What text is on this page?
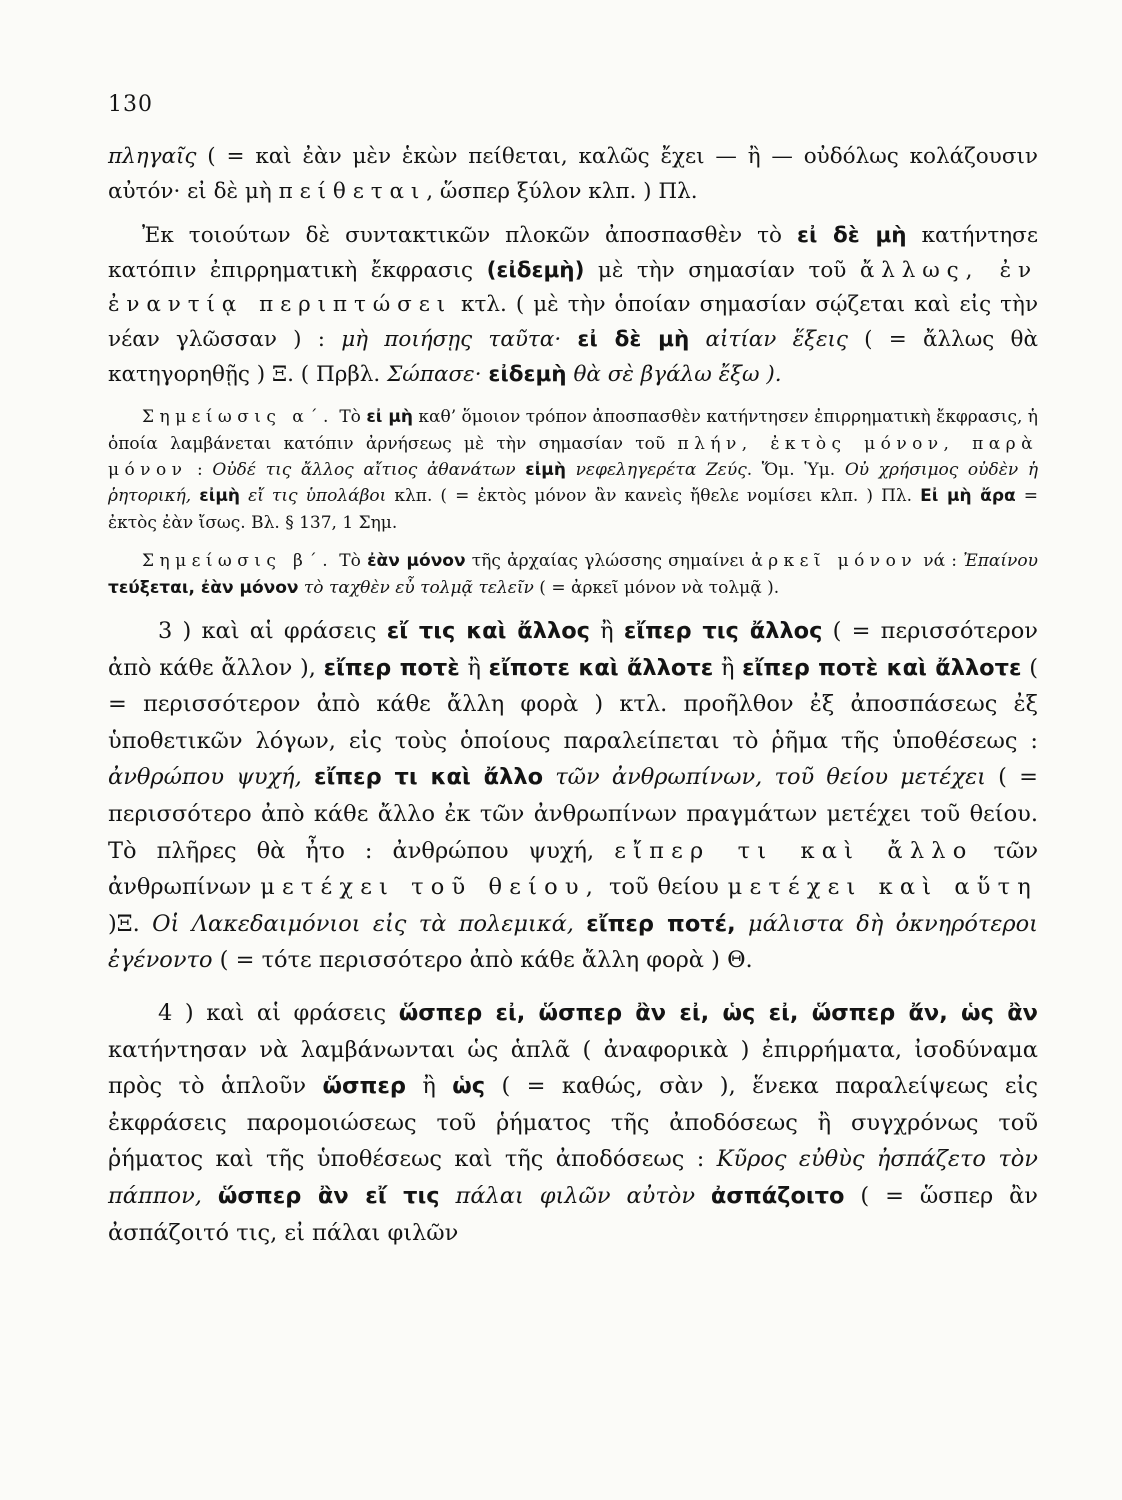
130

πληγαῖς ( = καὶ ἐὰν μὲν ἑκὼν πείθεται, καλῶς ἔχει — ἢ — οὐδόλως κολάζουσιν αὐτόν· εἰ δὲ μὴ πείθεται, ὥσπερ ξύλον κλπ. ) Πλ.

Ἐκ τοιούτων δὲ συντακτικῶν πλοκῶν ἀποσπασθὲν τὸ εἰ δὲ μὴ κατήντησε κατόπιν ἐπιρρηματικὴ ἔκφρασις (εἰδεμὴ) μὲ τὴν σημασίαν τοῦ ἄλλως, ἐν ἐναντίᾳ περιπτώσει κτλ. ( μὲ τὴν ὁποίαν σημασίαν σῴζεται καὶ εἰς τὴν νέαν γλῶσσαν ) : μὴ ποιήσῃς ταῦτα· εἰ δὲ μὴ αἰτίαν ἕξεις ( = ἄλλως θὰ κατηγορηθῇς ) Ξ. ( Πρβλ. Σώπασε· εἰδεμὴ θὰ σὲ βγάλω ἔξω ).

Σημείωσις α΄. Τὸ εἰ μὴ καθ’ ὅμοιον τρόπον ἀποσπασθὲν κατήντησεν ἐπιρρηματικὴ ἔκφρασις, ἡ ὁποία λαμβάνεται κατόπιν ἀρνήσεως μὲ τὴν σημασίαν τοῦ πλήν, ἐκτὸς μόνον, παρὰ μόνον : Οὐδέ τις ἄλλος αἴτιος ἀθανάτων εἰμὴ νεφεληγερέτα Ζεύς. Ὅμ. Ὑμ. Οὐ χρήσιμος οὐδὲν ἡ ῥητορική, εἰμὴ εἴ τις ὑπολάβοι κλπ. ( = ἐκτὸς μόνον ἂν κανεὶς ἤθελε νομίσει κλπ. ) Πλ. Εἰ μὴ ἄρα = ἐκτὸς ἐὰν ἴσως. Βλ. § 137, 1 Σημ.

Σημείωσις β΄. Τὸ ἐὰν μόνον τῆς ἀρχαίας γλώσσης σημαίνει ἀρκεῖ μόνον νά : Ἐπαίνου τεύξεται, ἐὰν μόνον τὸ ταχθὲν εὖ τολμᾷ τελεῖν ( = ἀρκεῖ μόνον νὰ τολμᾷ ).

3 ) καὶ αἱ φράσεις εἴ τις καὶ ἄλλος ἢ εἴπερ τις ἄλλος ( = περισσότερον ἀπὸ κάθε ἄλλον ), εἴπερ ποτὲ ἢ εἴποτε καὶ ἄλλοτε ἢ εἴπερ ποτὲ καὶ ἄλλοτε ( = περισσότερον ἀπὸ κάθε ἄλλη φορὰ ) κτλ. προῆλθον ἐξ ἀποσπάσεως ἐξ ὑποθετικῶν λόγων, εἰς τοὺς ὁποίους παραλείπεται τὸ ῥῆμα τῆς ὑποθέσεως : ἀνθρώπου ψυχή, εἴπερ τι καὶ ἄλλο τῶν ἀνθρωπίνων, τοῦ θείου μετέχει ( = περισσότερο ἀπὸ κάθε ἄλλο ἐκ τῶν ἀνθρωπίνων πραγμάτων μετέχει τοῦ θείου. Τὸ πλῆρες θὰ ἦτο : ἀνθρώπου ψυχή, εἴπερ τι καὶ ἄλλο τῶν ἀνθρωπίνων μετέχει τοῦ θείου, τοῦ θείου μετέχει καὶ αὕτη )Ξ. Οἱ Λακεδαιμόνιοι εἰς τὰ πολεμικά, εἴπερ ποτέ, μάλιστα δὴ ὀκνηρότεροι ἐγένοντο ( = τότε περισσότερο ἀπὸ κάθε ἄλλη φορὰ ) Θ.

4 ) καὶ αἱ φράσεις ὥσπερ εἰ, ὥσπερ ἂν εἰ, ὡς εἰ, ὥσπερ ἄν, ὡς ἂν κατήντησαν νὰ λαμβάνωνται ὡς ἁπλᾶ ( ἀναφορικὰ ) ἐπιρρήματα, ἰσοδύναμα πρὸς τὸ ἁπλοῦν ὥσπερ ἢ ὡς ( = καθώς, σὰν ), ἕνεκα παραλείψεως εἰς ἐκφράσεις παρομοιώσεως τοῦ ῥήματος τῆς ἀποδόσεως ἢ συγχρόνως τοῦ ῥήματος καὶ τῆς ὑποθέσεως καὶ τῆς ἀποδόσεως : Κῦρος εὐθὺς ἠσπάζετο τὸν πάππον, ὥσπερ ἂν εἴ τις πάλαι φιλῶν αὐτὸν ἀσπάζοιτο ( = ὥσπερ ἂν ἀσπάζοιτό τις, εἰ πάλαι φιλῶν
